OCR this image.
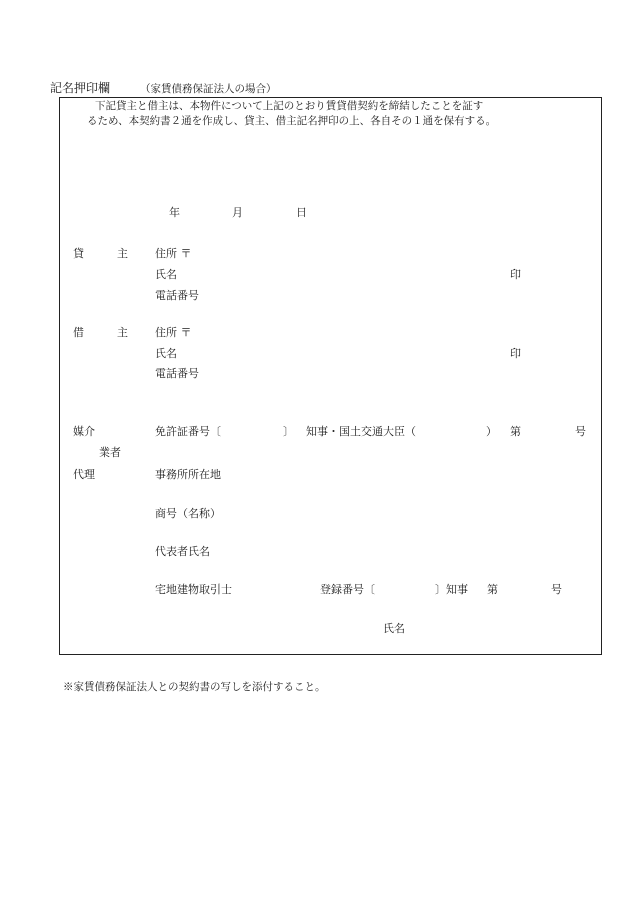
記名押印欄	（家賃債務保証法人の場合）
下記貸主と借主は、本物件について上記のとおり賃貸借契約を締結したことを証す
るため、本契約書２通を作成し、貸主、借主記名押印の上、各自その１通を保有する。
年	月	日
貸　　　主 住所 〒
氏名	印
電話番号
借　　　主 住所 〒
氏名	印
電話番号
媒介
業者
代理
免許証番号〔	〕 知事・国土交通大臣（	） 第	号
事務所所在地
商号（名称）
代表者氏名
宅地建物取引士	登録番号〔	〕知事 第	号
氏名
※家賃債務保証法人との契約書の写しを添付すること。
